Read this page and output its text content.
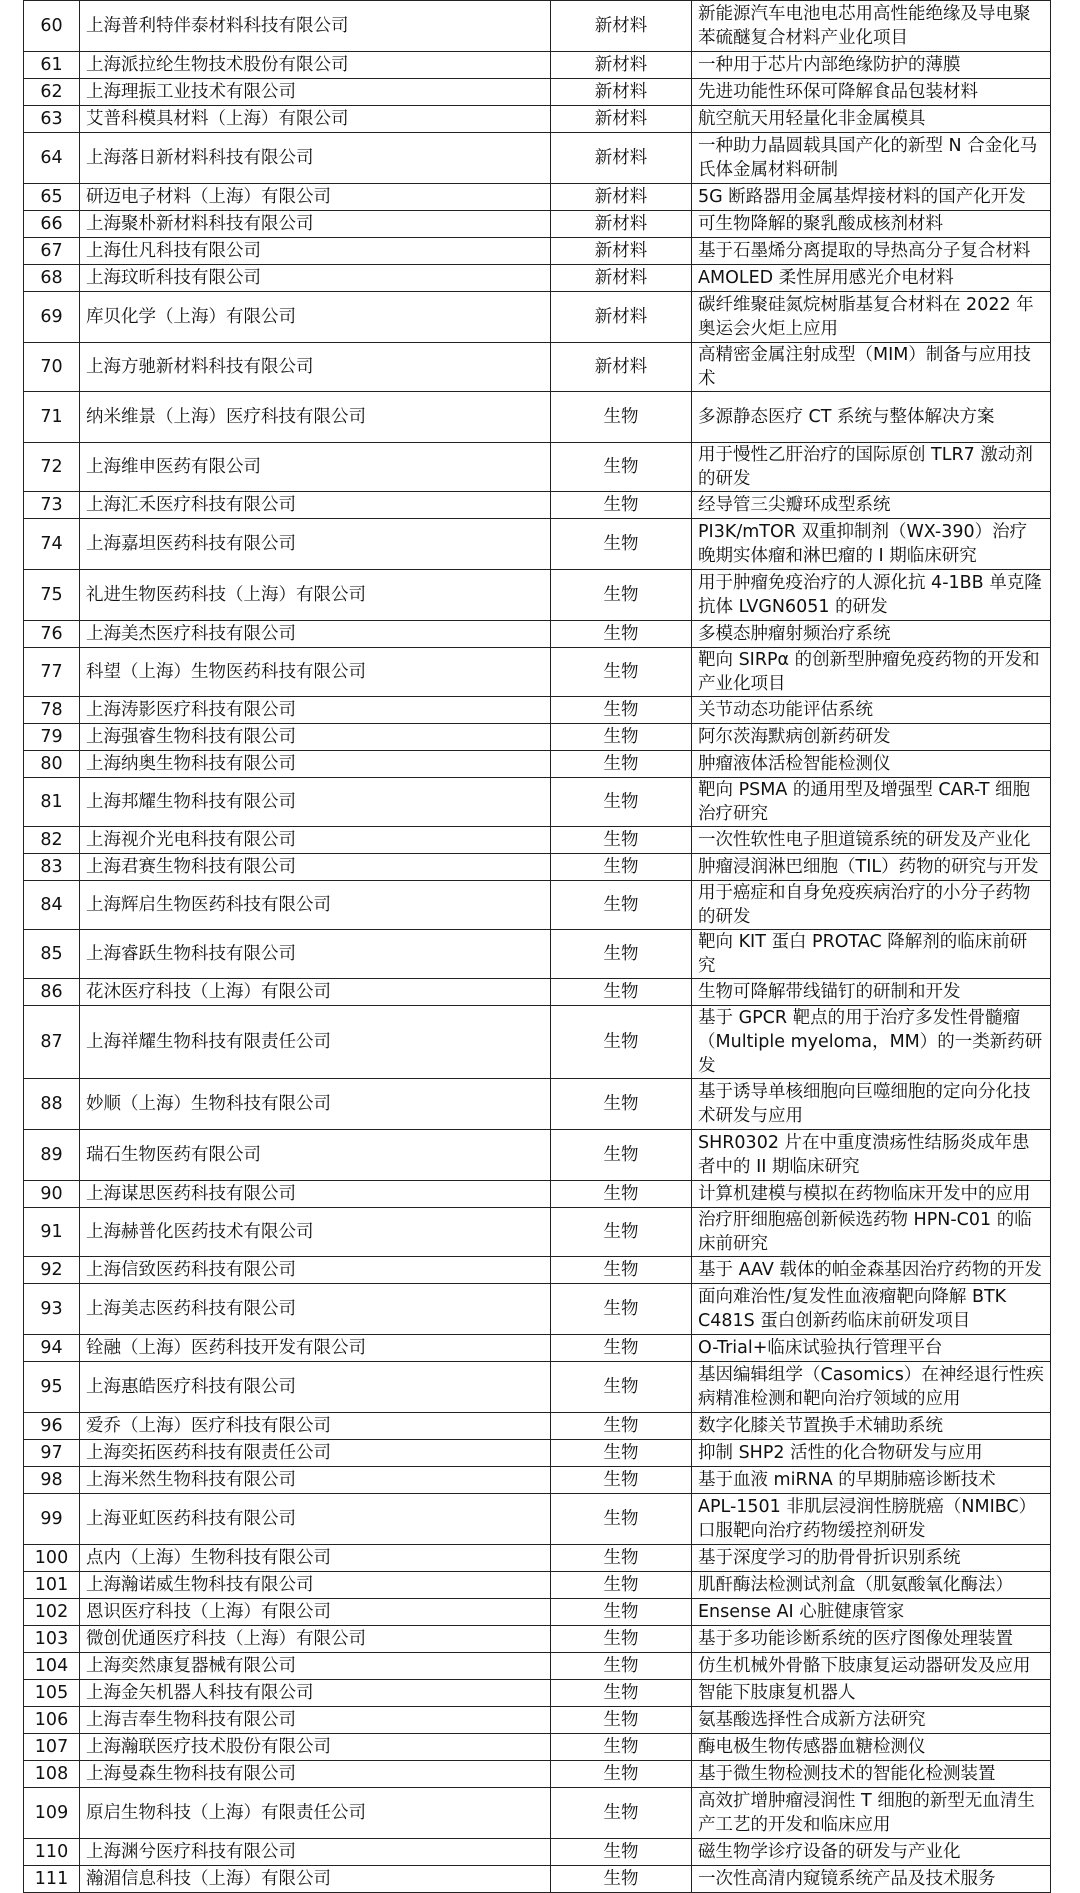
60	上海普利特伴泰材料科技有限公司	新材料	新能源汽车电池电芯用高性能绝缘及导电聚苯硫醚复合材料产业化项目
61	上海派拉纶生物技术股份有限公司	新材料	一种用于芯片内部绝缘防护的薄膜
62	上海理振工业技术有限公司	新材料	先进功能性环保可降解食品包装材料
63	艾普科模具材料（上海）有限公司	新材料	航空航天用轻量化非金属模具
64	上海落日新材料科技有限公司	新材料	一种助力晶圆载具国产化的新型 N 合金化马氏体金属材料研制
65	研迈电子材料（上海）有限公司	新材料	5G 断路器用金属基焊接材料的国产化开发
66	上海聚朴新材料科技有限公司	新材料	可生物降解的聚乳酸成核剂材料
67	上海仕凡科技有限公司	新材料	基于石墨烯分离提取的导热高分子复合材料
68	上海玟昕科技有限公司	新材料	AMOLED 柔性屏用感光介电材料
69	库贝化学（上海）有限公司	新材料	碳纤维聚硅氮烷树脂基复合材料在 2022 年奥运会火炬上应用
70	上海方驰新材料科技有限公司	新材料	高精密金属注射成型（MIM）制备与应用技术
71	纳米维景（上海）医疗科技有限公司	生物	多源静态医疗 CT 系统与整体解决方案
72	上海维申医药有限公司	生物	用于慢性乙肝治疗的国际原创 TLR7 激动剂的研发
73	上海汇禾医疗科技有限公司	生物	经导管三尖瓣环成型系统
74	上海嘉坦医药科技有限公司	生物	PI3K/mTOR 双重抑制剂（WX-390）治疗晚期实体瘤和淋巴瘤的 I 期临床研究
75	礼进生物医药科技（上海）有限公司	生物	用于肿瘤免疫治疗的人源化抗 4-1BB 单克隆抗体 LVGN6051 的研发
76	上海美杰医疗科技有限公司	生物	多模态肿瘤射频治疗系统
77	科望（上海）生物医药科技有限公司	生物	靶向 SIRPα 的创新型肿瘤免疫药物的开发和产业化项目
78	上海涛影医疗科技有限公司	生物	关节动态功能评估系统
79	上海强睿生物科技有限公司	生物	阿尔茨海默病创新药研发
80	上海纳奥生物科技有限公司	生物	肿瘤液体活检智能检测仪
81	上海邦耀生物科技有限公司	生物	靶向 PSMA 的通用型及增强型 CAR-T 细胞治疗研究
82	上海视介光电科技有限公司	生物	一次性软性电子胆道镜系统的研发及产业化
83	上海君赛生物科技有限公司	生物	肿瘤浸润淋巴细胞（TIL）药物的研究与开发
84	上海辉启生物医药科技有限公司	生物	用于癌症和自身免疫疾病治疗的小分子药物的研发
85	上海睿跃生物科技有限公司	生物	靶向 KIT 蛋白 PROTAC 降解剂的临床前研究
86	花沐医疗科技（上海）有限公司	生物	生物可降解带线锚钉的研制和开发
87	上海祥耀生物科技有限责任公司	生物	基于 GPCR 靶点的用于治疗多发性骨髓瘤（Multiple myeloma，MM）的一类新药研发
88	妙顺（上海）生物科技有限公司	生物	基于诱导单核细胞向巨噬细胞的定向分化技术研发与应用
89	瑞石生物医药有限公司	生物	SHR0302 片在中重度溃疡性结肠炎成年患者中的 II 期临床研究
90	上海谋思医药科技有限公司	生物	计算机建模与模拟在药物临床开发中的应用
91	上海赫普化医药技术有限公司	生物	治疗肝细胞癌创新候选药物 HPN-C01 的临床前研究
92	上海信致医药科技有限公司	生物	基于 AAV 载体的帕金森基因治疗药物的开发
93	上海美志医药科技有限公司	生物	面向难治性/复发性血液瘤靶向降解 BTK C481S 蛋白创新药临床前研发项目
94	铨融（上海）医药科技开发有限公司	生物	O-Trial+临床试验执行管理平台
95	上海惠皓医疗科技有限公司	生物	基因编辑组学（Casomics）在神经退行性疾病精准检测和靶向治疗领域的应用
96	爱乔（上海）医疗科技有限公司	生物	数字化膝关节置换手术辅助系统
97	上海奕拓医药科技有限责任公司	生物	抑制 SHP2 活性的化合物研发与应用
98	上海米然生物科技有限公司	生物	基于血液 miRNA 的早期肺癌诊断技术
99	上海亚虹医药科技有限公司	生物	APL-1501 非肌层浸润性膀胱癌（NMIBC）口服靶向治疗药物缓控剂研发
100	点内（上海）生物科技有限公司	生物	基于深度学习的肋骨骨折识别系统
101	上海瀚诺威生物科技有限公司	生物	肌酐酶法检测试剂盒（肌氨酸氧化酶法）
102	恩识医疗科技（上海）有限公司	生物	Ensense AI 心脏健康管家
103	微创优通医疗科技（上海）有限公司	生物	基于多功能诊断系统的医疗图像处理装置
104	上海奕然康复器械有限公司	生物	仿生机械外骨骼下肢康复运动器研发及应用
105	上海金矢机器人科技有限公司	生物	智能下肢康复机器人
106	上海吉奉生物科技有限公司	生物	氨基酸选择性合成新方法研究
107	上海瀚联医疗技术股份有限公司	生物	酶电极生物传感器血糖检测仪
108	上海曼森生物科技有限公司	生物	基于微生物检测技术的智能化检测装置
109	原启生物科技（上海）有限责任公司	生物	高效扩增肿瘤浸润性 T 细胞的新型无血清生产工艺的开发和临床应用
110	上海渊兮医疗科技有限公司	生物	磁生物学诊疗设备的研发与产业化
111	瀚湄信息科技（上海）有限公司	生物	一次性高清内窥镜系统产品及技术服务
